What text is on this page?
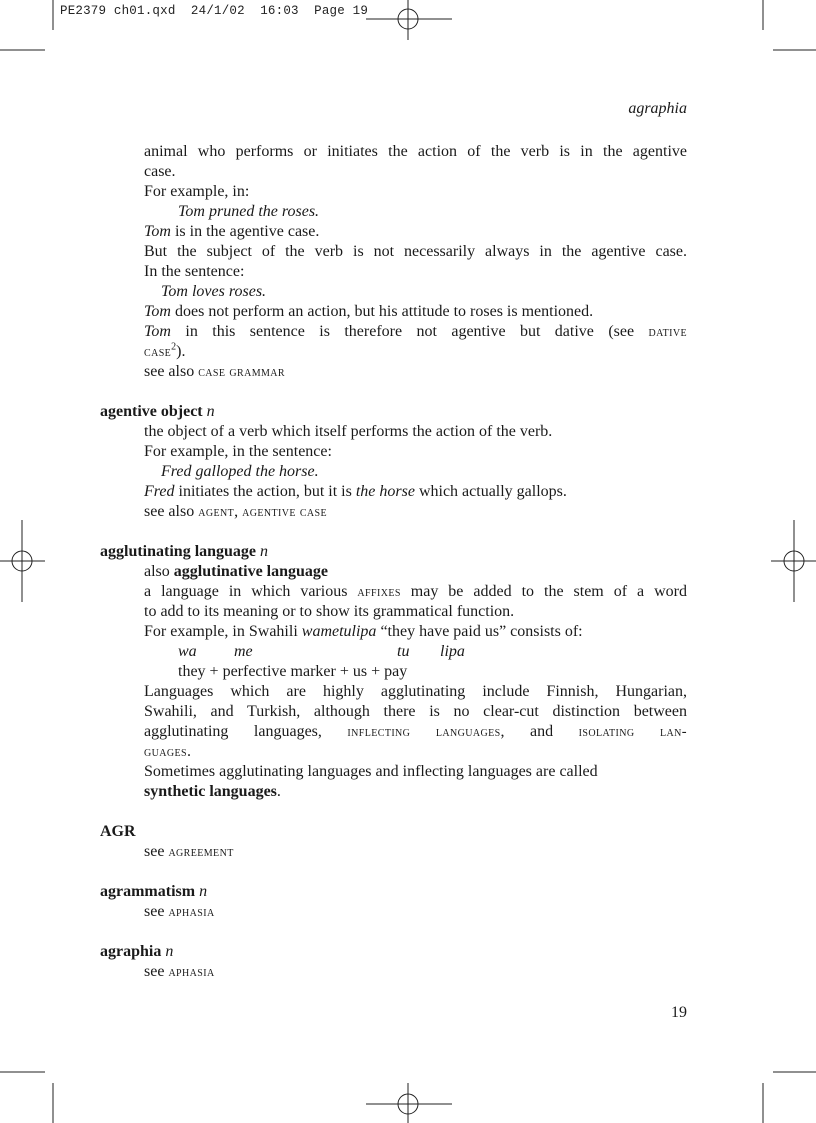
PE2379 ch01.qxd  24/1/02  16:03  Page 19
agraphia
animal who performs or initiates the action of the verb is in the agentive
case.
For example, in:
Tom pruned the roses.
Tom is in the agentive case.
But the subject of the verb is not necessarily always in the agentive case.
In the sentence:
Tom loves roses.
Tom does not perform an action, but his attitude to roses is mentioned.
Tom in this sentence is therefore not agentive but dative (see dative
case$^2$).
see also case grammar
agentive object n
the object of a verb which itself performs the action of the verb.
For example, in the sentence:
Fred galloped the horse.
Fred initiates the action, but it is the horse which actually gallops.
see also agent, agentive case
agglutinating language n
also agglutinative language
a language in which various affixes may be added to the stem of a word
to add to its meaning or to show its grammatical function.
For example, in Swahili wametulipa “they have paid us” consists of:
wa me	tu lipa
they + perfective marker + us + pay
Languages which are highly agglutinating include Finnish, Hungarian,
Swahili, and Turkish, although there is no clear-cut distinction between
agglutinating languages, inflecting languages, and isolating lan-
guages.
Sometimes agglutinating languages and inflecting languages are called
synthetic languages.
AGR
see agreement
agrammatism n
see aphasia
agraphia n
see aphasia
19
